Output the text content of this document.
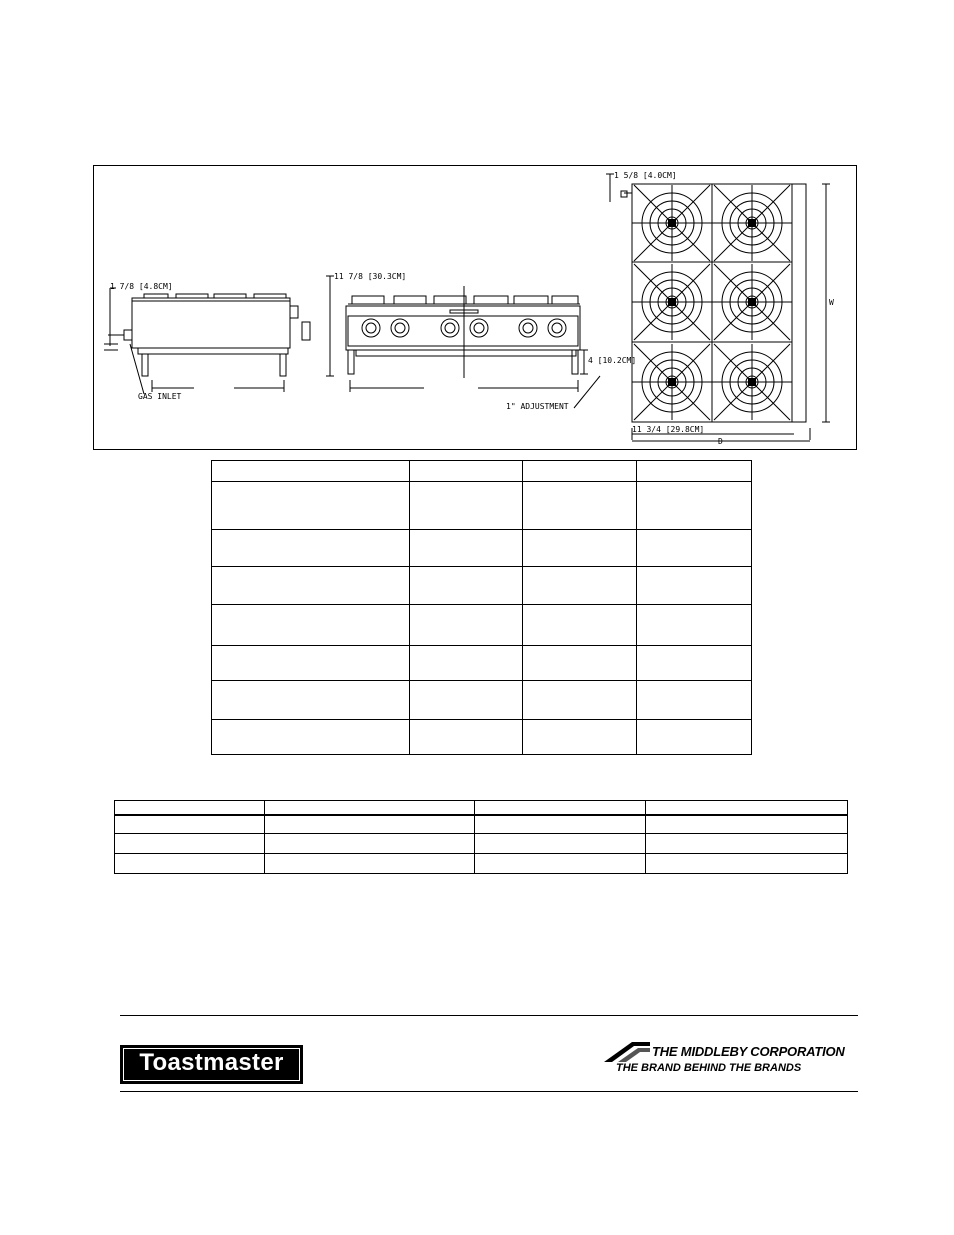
1 7/8 [4.8CM]
11 7/8 [30.3CM]
GAS INLET
4 [10.2CM]
1" ADJUSTMENT
1 5/8 [4.0CM]
11 3/4 [29.8CM]
W
D

Toastmaster	THE MIDDLEBY CORPORATION
THE BRAND BEHIND THE BRANDS
